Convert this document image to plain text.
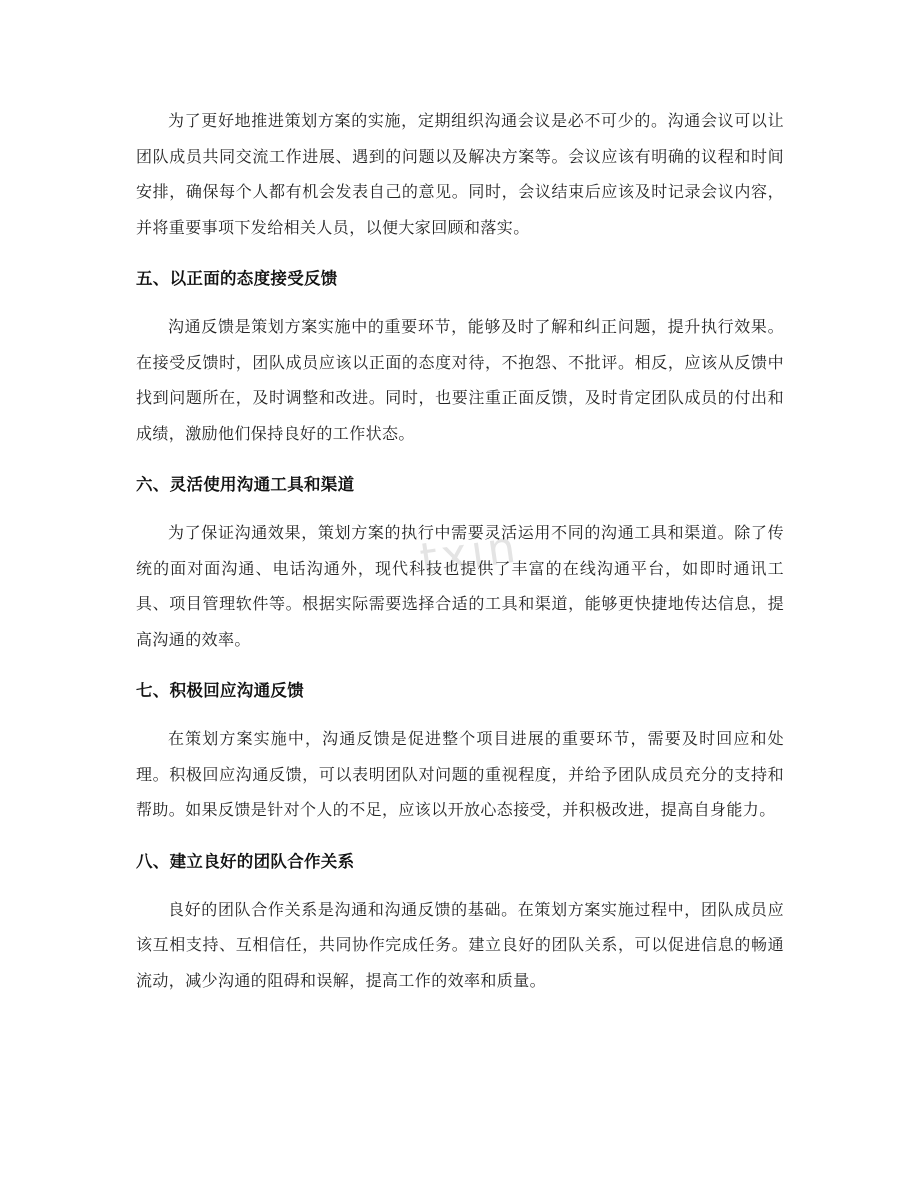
txin

为了更好地推进策划方案的实施，定期组织沟通会议是必不可少的。沟通会议可以让团队成员共同交流工作进展、遇到的问题以及解决方案等。会议应该有明确的议程和时间安排，确保每个人都有机会发表自己的意见。同时，会议结束后应该及时记录会议内容，并将重要事项下发给相关人员，以便大家回顾和落实。

五、以正面的态度接受反馈

沟通反馈是策划方案实施中的重要环节，能够及时了解和纠正问题，提升执行效果。在接受反馈时，团队成员应该以正面的态度对待，不抱怨、不批评。相反，应该从反馈中找到问题所在，及时调整和改进。同时，也要注重正面反馈，及时肯定团队成员的付出和成绩，激励他们保持良好的工作状态。

六、灵活使用沟通工具和渠道

为了保证沟通效果，策划方案的执行中需要灵活运用不同的沟通工具和渠道。除了传统的面对面沟通、电话沟通外，现代科技也提供了丰富的在线沟通平台，如即时通讯工具、项目管理软件等。根据实际需要选择合适的工具和渠道，能够更快捷地传达信息，提高沟通的效率。

七、积极回应沟通反馈

在策划方案实施中，沟通反馈是促进整个项目进展的重要环节，需要及时回应和处理。积极回应沟通反馈，可以表明团队对问题的重视程度，并给予团队成员充分的支持和帮助。如果反馈是针对个人的不足，应该以开放心态接受，并积极改进，提高自身能力。

八、建立良好的团队合作关系

良好的团队合作关系是沟通和沟通反馈的基础。在策划方案实施过程中，团队成员应该互相支持、互相信任，共同协作完成任务。建立良好的团队关系，可以促进信息的畅通流动，减少沟通的阻碍和误解，提高工作的效率和质量。
